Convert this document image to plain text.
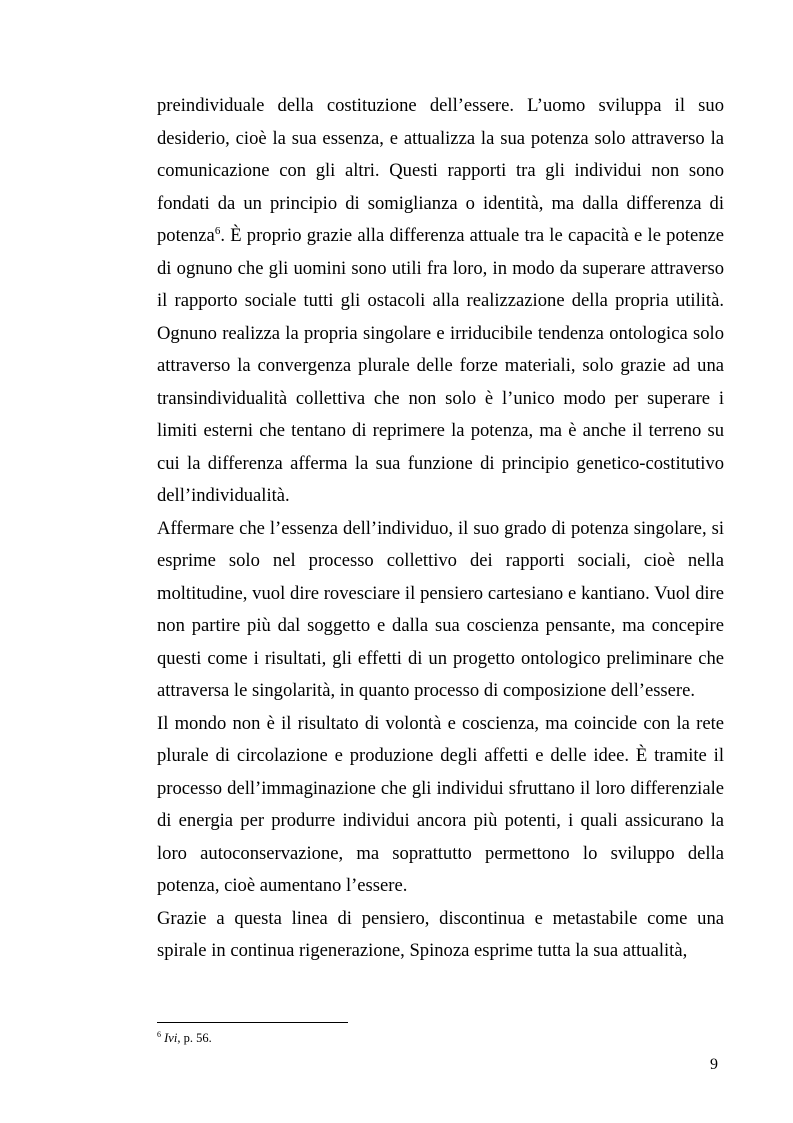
preindividuale della costituzione dell’essere. L’uomo sviluppa il suo desiderio, cioè la sua essenza, e attualizza la sua potenza solo attraverso la comunicazione con gli altri. Questi rapporti tra gli individui non sono fondati da un principio di somiglianza o identità, ma dalla differenza di potenza$^6$. È proprio grazie alla differenza attuale tra le capacità e le potenze di ognuno che gli uomini sono utili fra loro, in modo da superare attraverso il rapporto sociale tutti gli ostacoli alla realizzazione della propria utilità. Ognuno realizza la propria singolare e irriducibile tendenza ontologica solo attraverso la convergenza plurale delle forze materiali, solo grazie ad una transindividualità collettiva che non solo è l’unico modo per superare i limiti esterni che tentano di reprimere la potenza, ma è anche il terreno su cui la differenza afferma la sua funzione di principio genetico-costitutivo dell’individualità.

Affermare che l’essenza dell’individuo, il suo grado di potenza singolare, si esprime solo nel processo collettivo dei rapporti sociali, cioè nella moltitudine, vuol dire rovesciare il pensiero cartesiano e kantiano. Vuol dire non partire più dal soggetto e dalla sua coscienza pensante, ma concepire questi come i risultati, gli effetti di un progetto ontologico preliminare che attraversa le singolarità, in quanto processo di composizione dell’essere.

Il mondo non è il risultato di volontà e coscienza, ma coincide con la rete plurale di circolazione e produzione degli affetti e delle idee. È tramite il processo dell’immaginazione che gli individui sfruttano il loro differenziale di energia per produrre individui ancora più potenti, i quali assicurano la loro autoconservazione, ma soprattutto permettono lo sviluppo della potenza, cioè aumentano l’essere.

Grazie a questa linea di pensiero, discontinua e metastabile come una spirale in continua rigenerazione, Spinoza esprime tutta la sua attualità,

$^6$ Ivi, p. 56.
9
